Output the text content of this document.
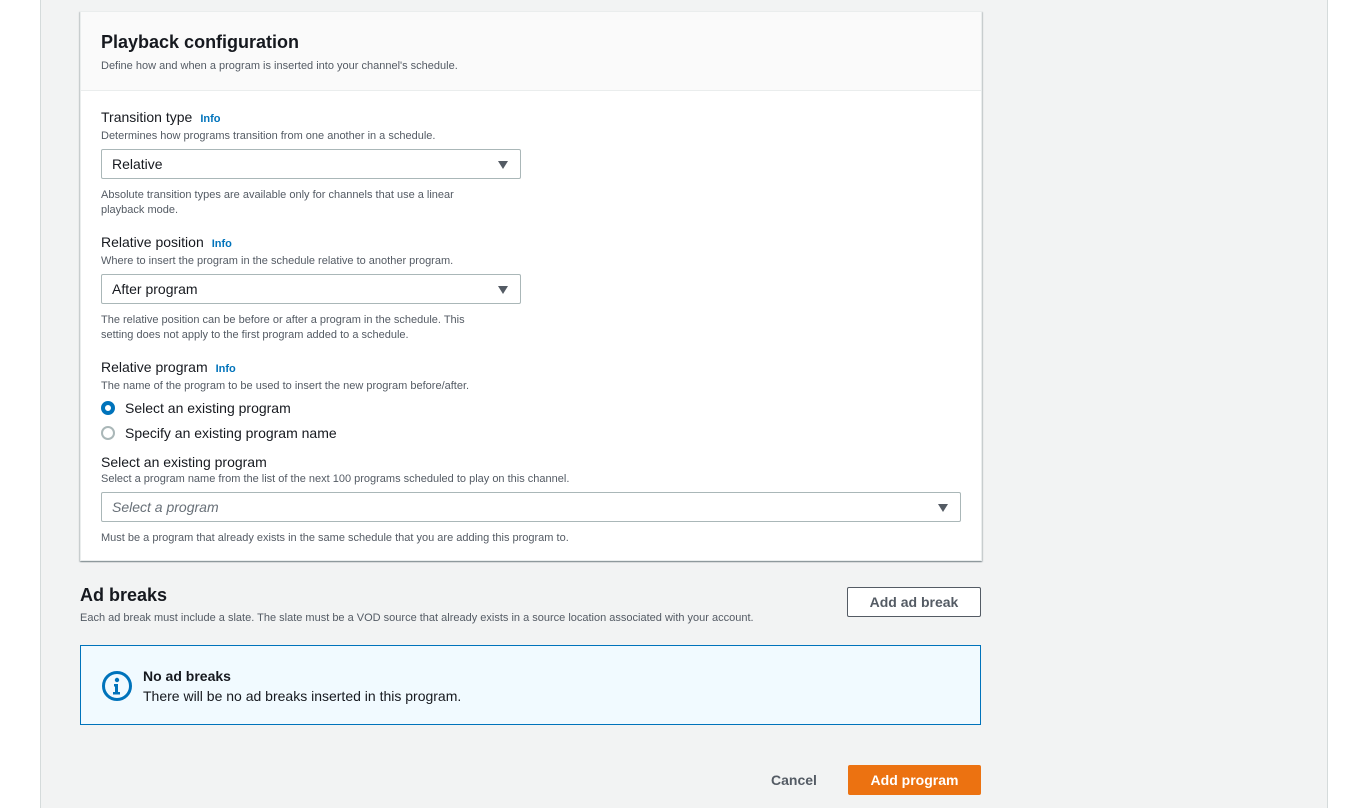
Playback configuration
Define how and when a program is inserted into your channel's schedule.
Transition type Info
Determines how programs transition from one another in a schedule.
Relative
Absolute transition types are available only for channels that use a linear
playback mode.
Relative position Info
Where to insert the program in the schedule relative to another program.
After program
The relative position can be before or after a program in the schedule. This
setting does not apply to the first program added to a schedule.
Relative program Info
The name of the program to be used to insert the new program before/after.
Select an existing program
Specify an existing program name
Select an existing program
Select a program name from the list of the next 100 programs scheduled to play on this channel.
Select a program
Must be a program that already exists in the same schedule that you are adding this program to.
Ad breaks
Each ad break must include a slate. The slate must be a VOD source that already exists in a source location associated with your account.
Add ad break
No ad breaks
There will be no ad breaks inserted in this program.
Cancel	Add program
